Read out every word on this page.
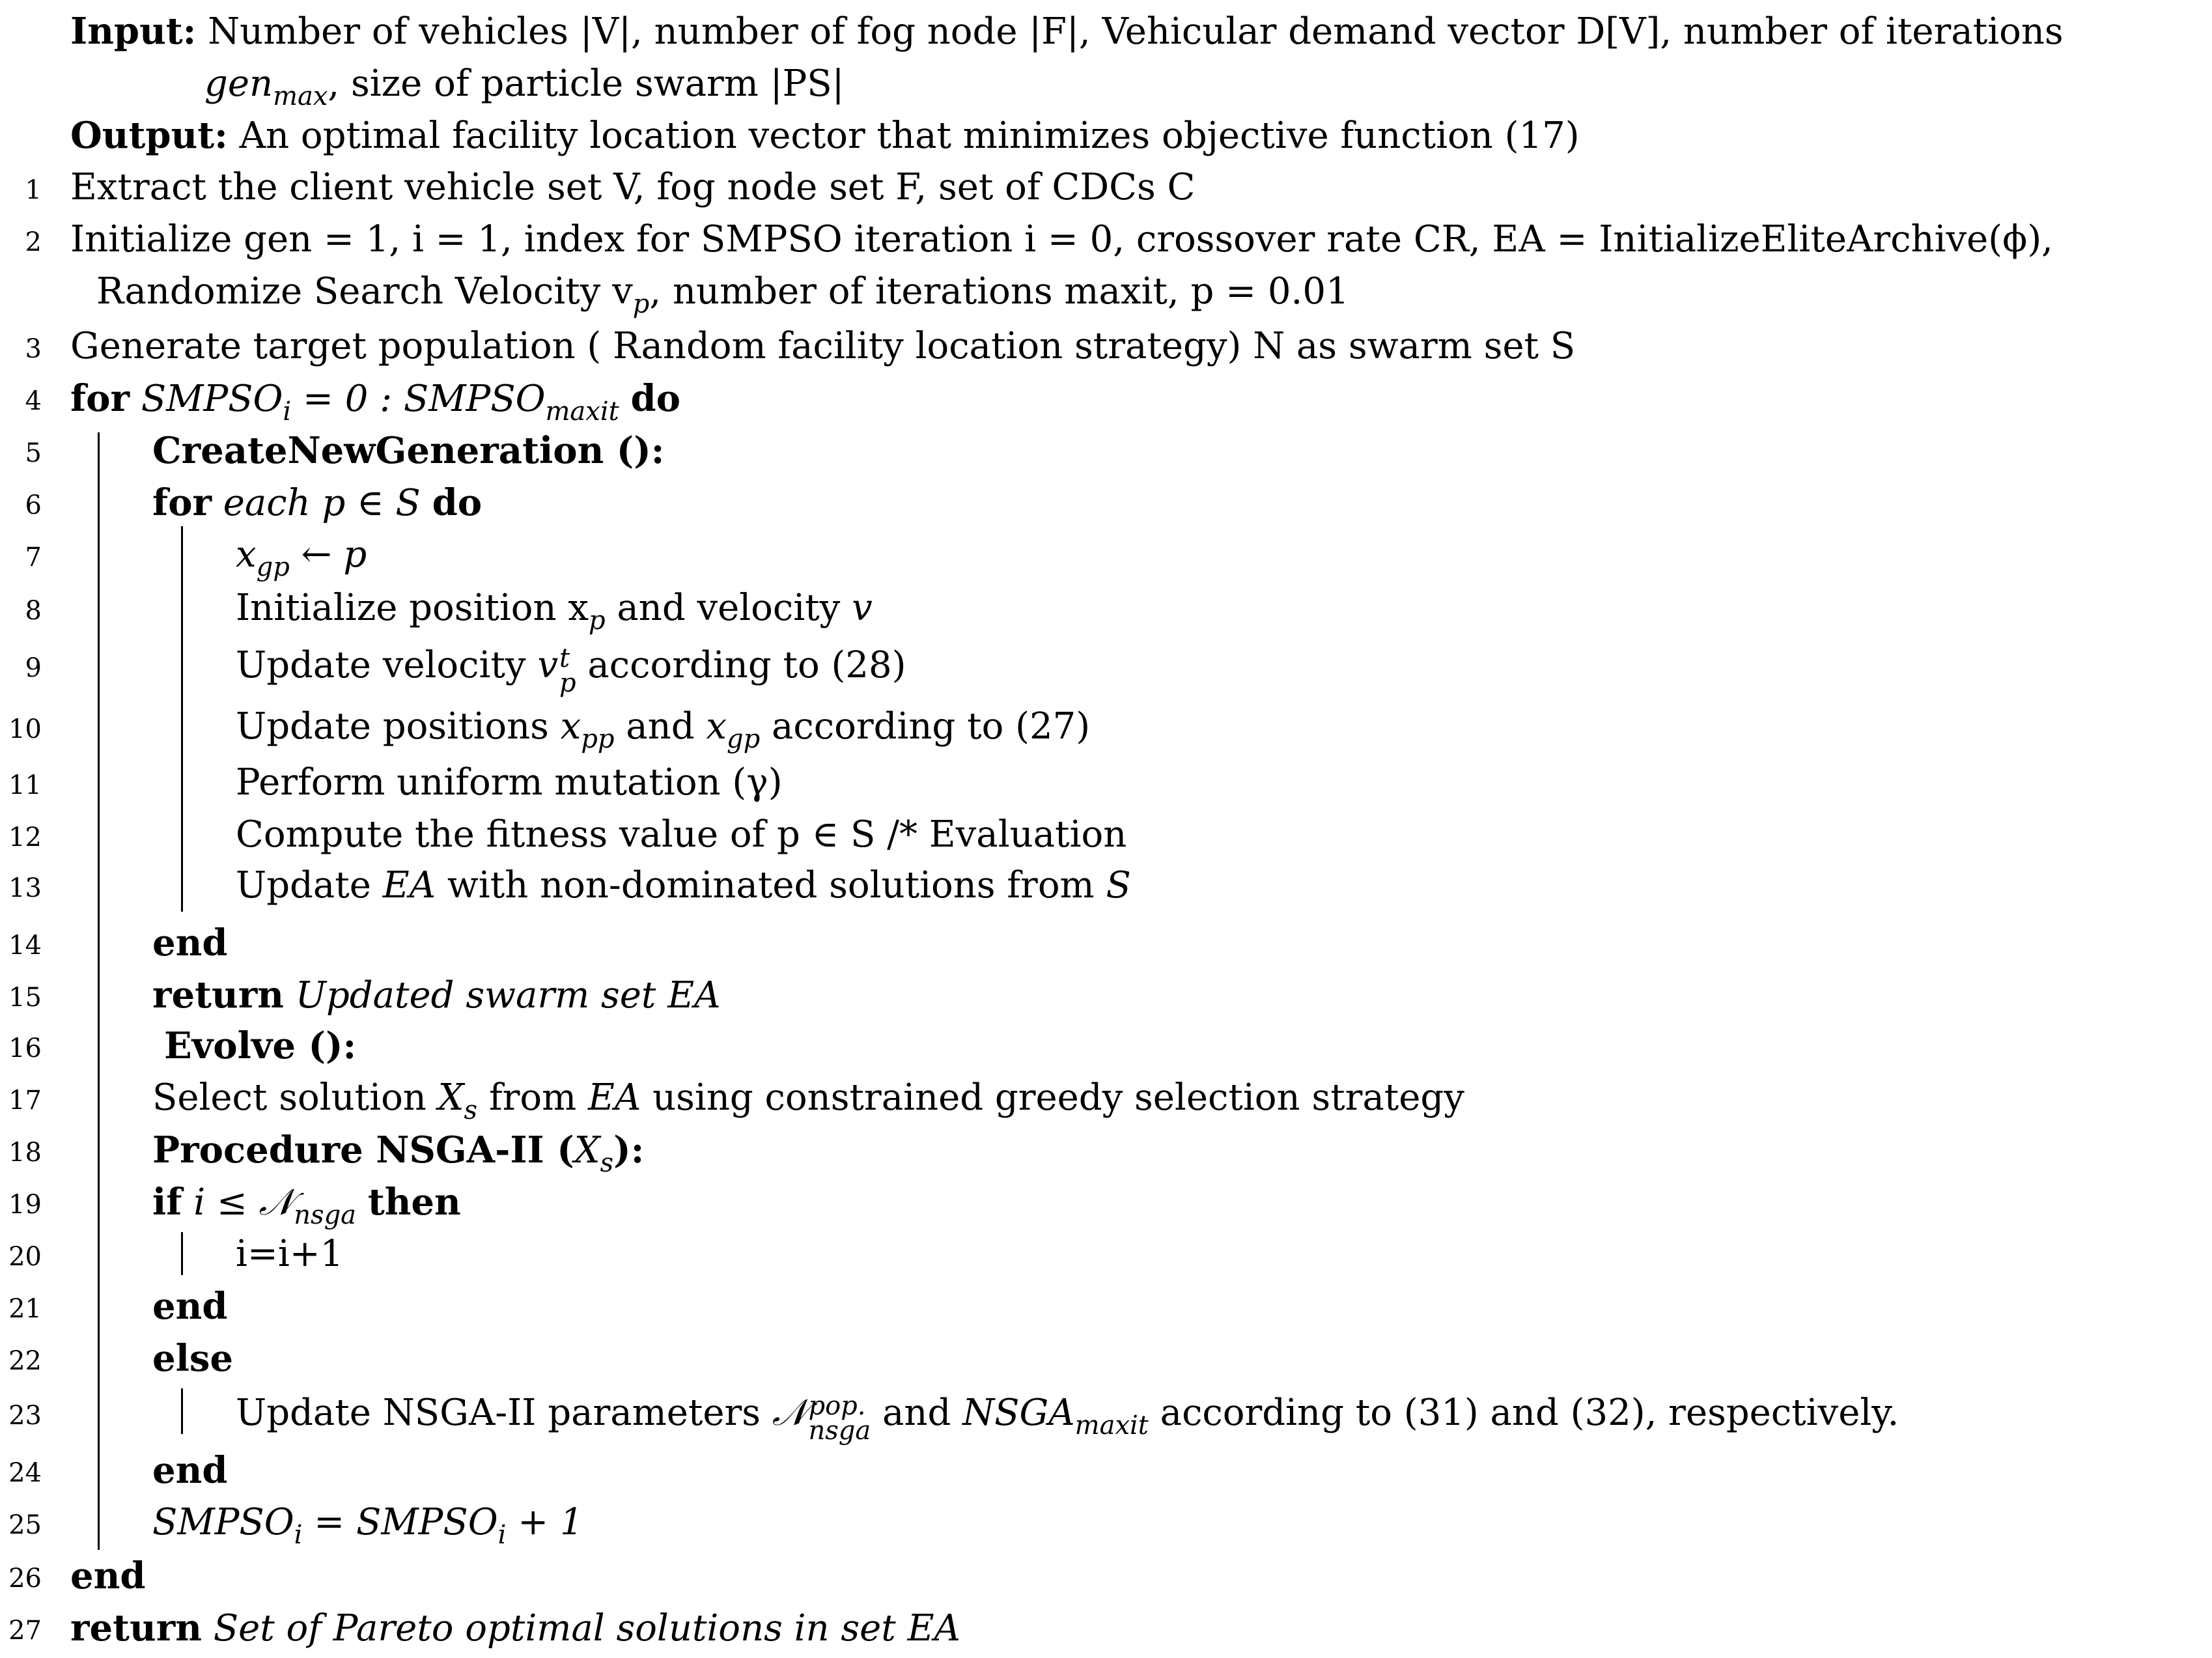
Input: Number of vehicles |V|, number of fog node |F|, Vehicular demand vector D[V], number of iterations
gen$_{max}$, size of particle swarm |PS|
Output: An optimal facility location vector that minimizes objective function (17)
1 Extract the client vehicle set V, fog node set F, set of CDCs C
2 Initialize gen = 1, i = 1, index for SMPSO iteration i = 0, crossover rate CR, EA = InitializeEliteArchive(ϕ),
Randomize Search Velocity $v_p$, number of iterations maxit, p = 0.01
3 Generate target population ( Random facility location strategy) N as swarm set S
4 for $SMPSO_i = 0$ : $SMPSO_{maxit}$ do
5	CreateNewGeneration ():
6	for each p ∈ S do
7	$x_{gp}$ ← p
8	Initialize position $x_p$ and velocity v
9	Update velocity v t
p according to (28)
10	Update positions $x_{pp}$ and $x_{gp}$ according to (27)
11	Perform uniform mutation (γ)
12	Compute the fitness value of p ∈ S /* Evaluation
13	Update EA with non-dominated solutions from S
14	end
15	return Updated swarm set EA
16	Evolve ():
17	Select solution $X_s$ from EA using constrained greedy selection strategy
18	Procedure NSGA-II $(X_s)$:
19	if i ≤ 𝒩$_{nsga}$ then
20	i=i+1
21	end
22	else
23	Update NSGA-II parameters 𝒩 pop.
nsga and $NSGA_{maxit}$ according to (31) and (32), respectively.
24	end
25	$SMPSO_i$ = $SMPSO_i + 1$
26 end
27 return Set of Pareto optimal solutions in set EA
